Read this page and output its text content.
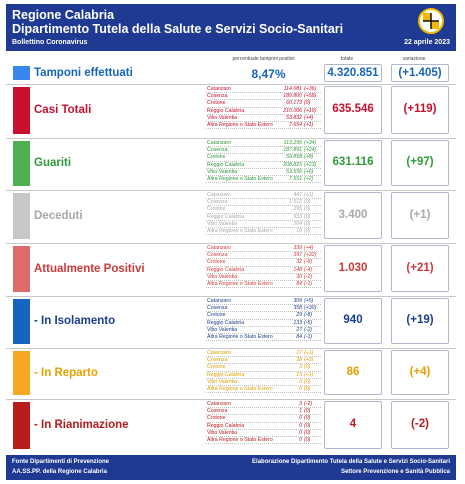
Regione Calabria
Dipartimento Tutela della Salute e Servizi Socio-Sanitari
Bollettino Coronavirus	22 aprile 2023
percentuale tamponi positivi	totale	variazione
Tamponi effettuati	8,47%	4.320.851	(+1.405)
Casi Totali
Catanzaro	114.081 (+36)
Cosenza	189.800 (+58)
Crotone	60.173 (0)
Reggio Calabria	210.006 (+19)
Vibo Valentia	53.832 (+4)
Altra Regione o Stato Estero	7.654 (+1)
635.546	(+119)
Guariti
Catanzaro	113.295 (+34)
Cosenza	187.891 (+24)
Crotone	59.858 (+8)
Reggio Calabria	208.825 (+23)
Vibo Valentia	53.556 (+6)
Altra Regione o Stato Estero	7.551 (+2)
631.116	(+97)
Deceduti
Catanzaro	447 (+1)
Cosenza	1.512 (0)
Crotone	295 (0)
Reggio Calabria	933 (0)
Vibo Valentia	204 (0)
Altra Regione o Stato Estero	19 (0)
3.400	(+1)
Attualmente Positivi
Catanzaro	339 (+4)
Cosenza	397 (+32)
Crotone	32 (-8)
Reggio Calabria	148 (-4)
Vibo Valentia	30 (-2)
Altra Regione o Stato Estero	84 (-1)
1.030	(+21)
- In Isolamento
Catanzaro	309 (+5)
Cosenza	358 (+30)
Crotone	29 (-8)
Reggio Calabria	133 (-5)
Vibo Valentia	27 (-2)
Altra Regione o Stato Estero	84 (-1)
940	(+19)
- In Reparto
Catanzaro	27 (+1)
Cosenza	38 (+3)
Crotone	3 (0)
Reggio Calabria	15 (+1)
Vibo Valentia	3 (0)
Altra Regione o Stato Estero	0 (0)
86	(+4)
- In Rianimazione
Catanzaro	3 (-2)
Cosenza	1 (0)
Crotone	0 (0)
Reggio Calabria	0 (0)
Vibo Valentia	0 (0)
Altra Regione o Stato Estero	0 (0)
4	(-2)
Fonte Dipartimenti di Prevenzione
AA.SS.PP. della Regione Calabria
Elaborazione Dipartimento Tutela della Salute e Servizi Socio-Sanitari
Settore Prevenzione e Sanità Pubblica
